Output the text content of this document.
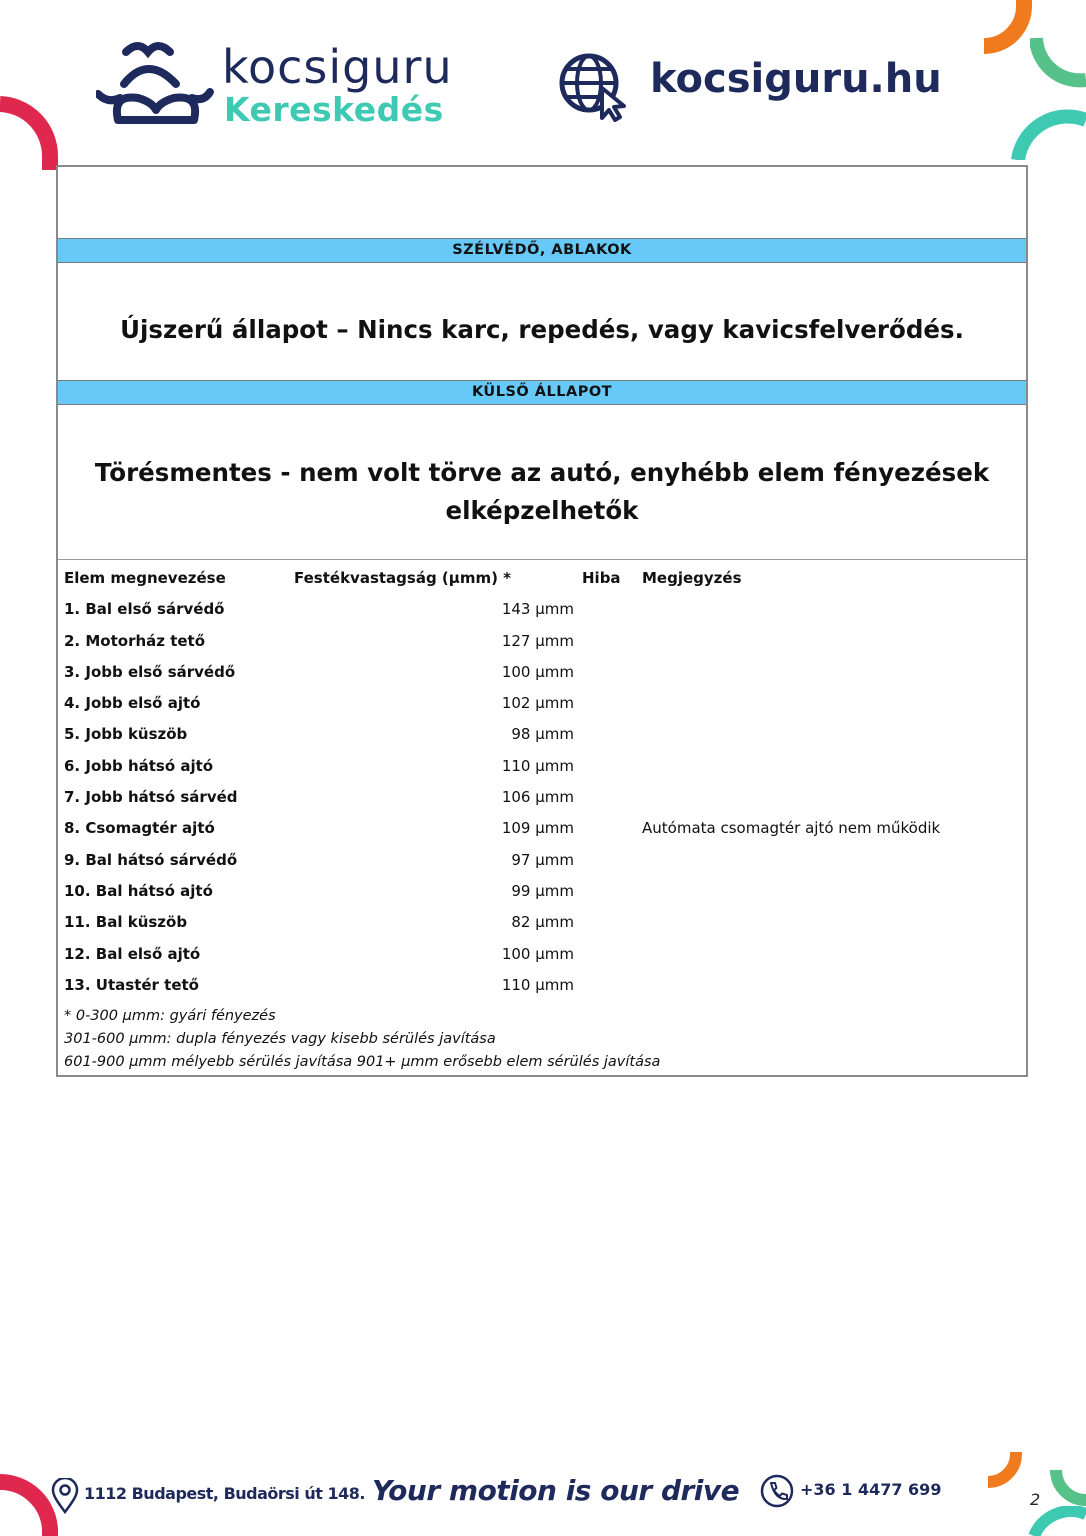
kocsiguru
Kereskedés
kocsiguru.hu
SZÉLVÉDŐ, ABLAKOK
Újszerű állapot – Nincs karc, repedés, vagy kavicsfelverődés.
KÜLSŐ ÁLLAPOT
Törésmentes - nem volt törve az autó, enyhébb elem fényezések
elképzelhetők
Elem megnevezése	Festékvastagság (µmm) *	Hiba Megjegyzés
1. Bal első sárvédő	143 µmm
2. Motorház tető	127 µmm
3. Jobb első sárvédő	100 µmm
4. Jobb első ajtó	102 µmm
5. Jobb küszöb	98 µmm
6. Jobb hátsó ajtó	110 µmm
7. Jobb hátsó sárvéd	106 µmm
8. Csomagtér ajtó	109 µmm	Autómata csomagtér ajtó nem működik
9. Bal hátsó sárvédő	97 µmm
10. Bal hátsó ajtó	99 µmm
11. Bal küszöb	82 µmm
12. Bal első ajtó	100 µmm
13. Utastér tető	110 µmm
* 0-300 µmm: gyári fényezés
301-600 µmm: dupla fényezés vagy kisebb sérülés javítása
601-900 µmm mélyebb sérülés javítása 901+ µmm erősebb elem sérülés javítása
1112 Budapest, Budaörsi út 148. Your motion is our drive	+36 1 4477 699
2
